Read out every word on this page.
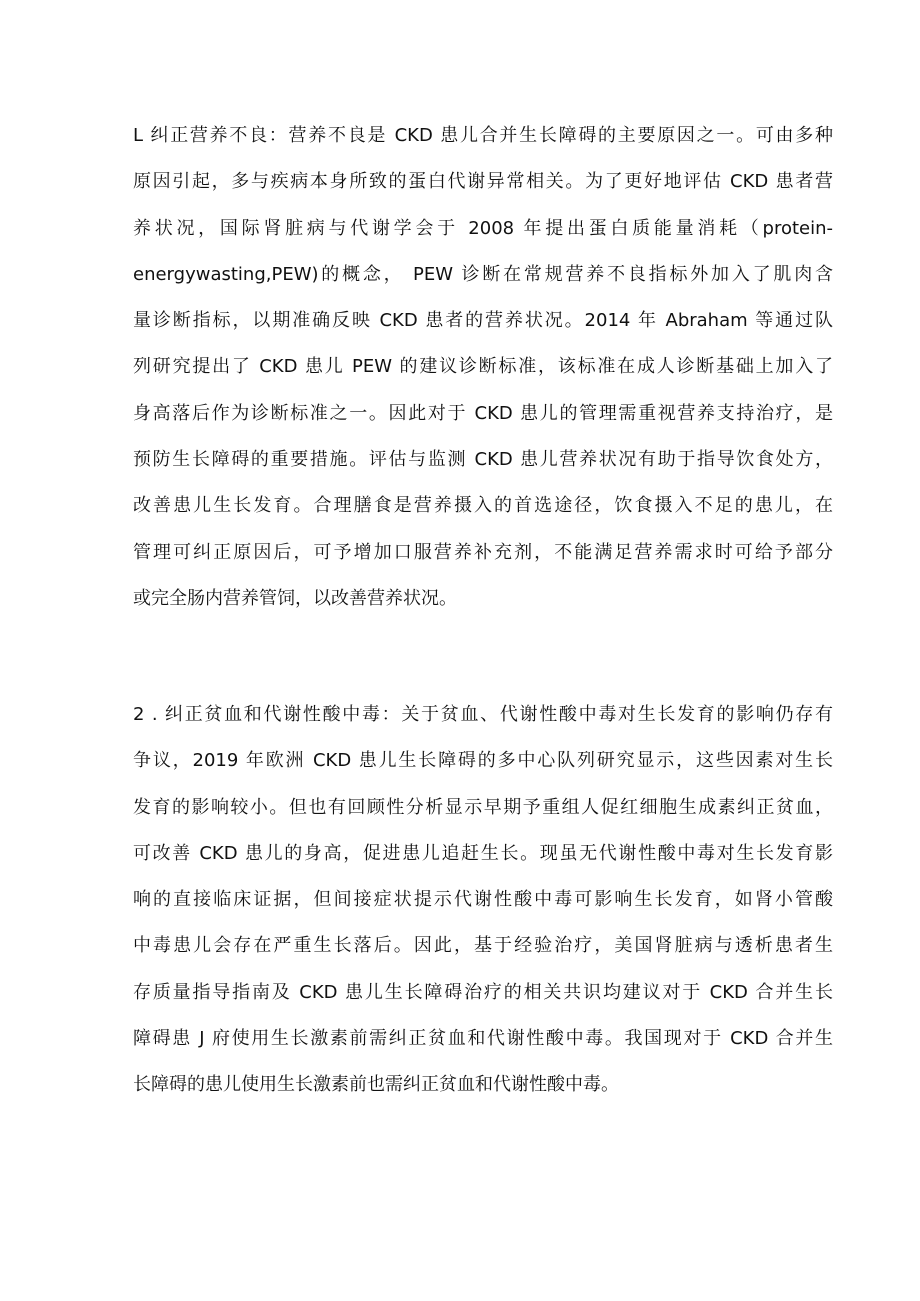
L 纠正营养不良：营养不良是 CKD 患儿合并生长障碍的主要原因之一。可由多种
原因引起，多与疾病本身所致的蛋白代谢异常相关。为了更好地评估 CKD 患者营
养状况，国际肾脏病与代谢学会于 2008 年提出蛋白质能量消耗（protein-
energywasting,PEW)的概念， PEW 诊断在常规营养不良指标外加入了肌肉含
量诊断指标，以期准确反映 CKD 患者的营养状况。2014 年 Abraham 等通过队
列研究提出了 CKD 患儿 PEW 的建议诊断标准，该标准在成人诊断基础上加入了
身高落后作为诊断标准之一。因此对于 CKD 患儿的管理需重视营养支持治疗，是
预防生长障碍的重要措施。评估与监测 CKD 患儿营养状况有助于指导饮食处方，
改善患儿生长发育。合理膳食是营养摄入的首选途径，饮食摄入不足的患儿，在
管理可纠正原因后，可予增加口服营养补充剂，不能满足营养需求时可给予部分
或完全肠内营养管饲，以改善营养状况。

2 . 纠正贫血和代谢性酸中毒：关于贫血、代谢性酸中毒对生长发育的影响仍存有
争议，2019 年欧洲 CKD 患儿生长障碍的多中心队列研究显示，这些因素对生长
发育的影响较小。但也有回顾性分析显示早期予重组人促红细胞生成素纠正贫血，
可改善 CKD 患儿的身高，促进患儿追赶生长。现虽无代谢性酸中毒对生长发育影
响的直接临床证据，但间接症状提示代谢性酸中毒可影响生长发育，如肾小管酸
中毒患儿会存在严重生长落后。因此，基于经验治疗，美国肾脏病与透析患者生
存质量指导指南及 CKD 患儿生长障碍治疗的相关共识均建议对于 CKD 合并生长
障碍患 J 府使用生长激素前需纠正贫血和代谢性酸中毒。我国现对于 CKD 合并生
长障碍的患儿使用生长激素前也需纠正贫血和代谢性酸中毒。
